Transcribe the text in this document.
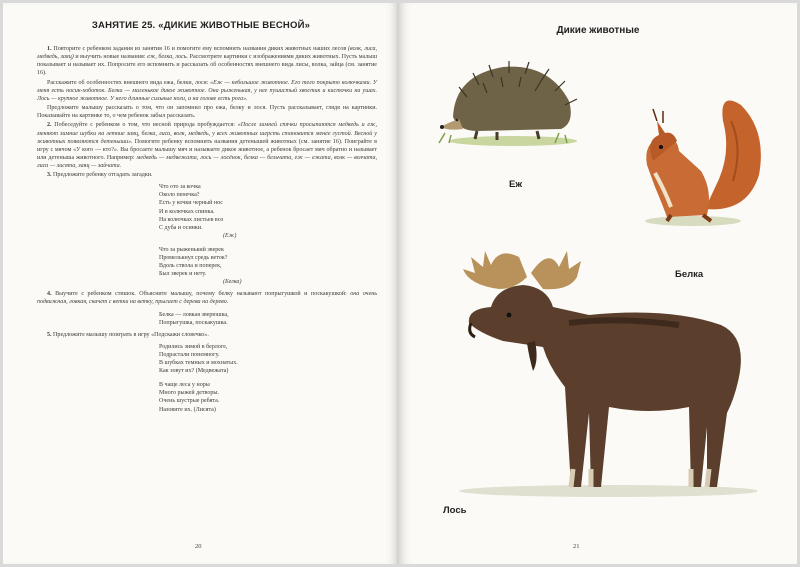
ЗАНЯТИЕ 25. «ДИКИЕ ЖИВОТНЫЕ ВЕСНОЙ»

1. Повторите с ребенком задания из занятия 16 и помогите ему вспомнить названия диких животных наших лесов (волк, лиса, медведь, заяц) и выучить новые названия: еж, белка, лось. Рассмотрите картинки с изображениями диких животных. Пусть малыш показывает и называет их. Попросите его вспомнить и рассказать об особенностях внешнего вида лисы, волка, зайца (см. занятие 16).

Расскажите об особенностях внешнего вида ежа, белки, лося: «Еж — небольшое животное. Его тело покрыто колючками. У меня есть носик-хоботок. Белка — маленькое дикое животное. Она рыженькая, у нее пушистый хвостик и кисточки на ушах. Лось — крупное животное. У него длинные сильные ноги, а на голове есть рога».

Предложите малышу рассказать о том, что он запомнил про ежа, белку и лося. Пусть рассказывает, глядя на картинки. Показывайте на картинке то, о чем ребенок забыл рассказать.

2. Побеседуйте с ребенком о том, что весной природа пробуждается: «После зимней спячки просыпаются медведь и еж, меняют зимние шубки на летние заяц, белка, лиса, волк, медведь, у всех животных шерсть становится менее густой. Весной у животных появляются детеныши». Помогите ребенку вспомнить названия детенышей животных (см. занятие 16). Поиграйте в игру с мячом «У кого — кто?». Вы бросаете малышу мяч и называете дикое животное, а ребенок бросает мяч обратно и называет или детеныша животного. Например: медведь — медвежата, лось — лосёнок, белка — бельчата, еж — ежата, волк — волчата, лиса — лисята, заяц — зайчата.

3. Предложите ребенку отгадать загадки.

Что ото за кочка
Около пенечка?
Есть у кочки черный нос
И в колючках спинка.
На колючках листьев воз
С дуба и осинки.
(Еж)
Что за рыженький зверек
Промелькнул средь веток?
Вдоль ствола и поперек,
Был зверек и нету.
(Белка)

4. Выучите с ребенком стишок. Объясните малышу, почему белку называют попрыгушкой и поскакушкой: она очень подвижная, ловкая, скачет с ветки на ветку, прыгает с дерева на дерево.

Белка — ловкая зверюшка,
Попрыгушка, поскакушка.

5. Предложите малышу поиграть в игру «Подскажи словечко».

Родились зимой в берлоге,
Подрастали понемногу.
В шубках темных и мохнатых.
Как зовут их? (Медвежата)
В чаще леса у норы
Много рыжей детворы.
Очень шустрые ребята.
Назовите их. (Лисята)
20
Дикие животные
Еж
Белка
Лось
21
